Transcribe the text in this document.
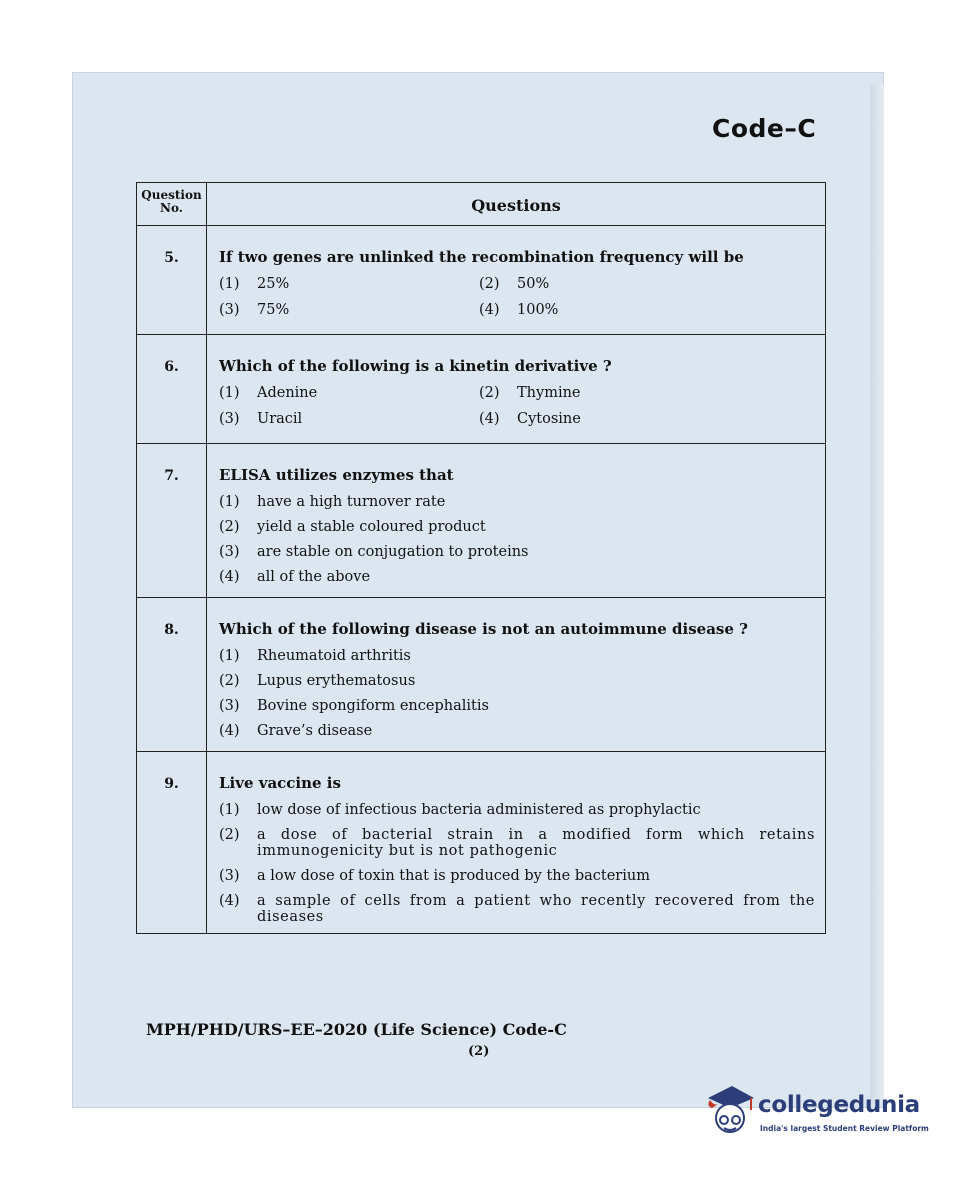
Code–C
Question
No.	Questions
5.	If two genes are unlinked the recombination frequency will be
(1)	25%	(2)	50%
(3)	75%	(4)	100%
6.	Which of the following is a kinetin derivative ?
(1)	Adenine	(2)	Thymine
(3)	Uracil	(4)	Cytosine
7.	ELISA utilizes enzymes that
(1)	have a high turnover rate
(2)	yield a stable coloured product
(3)	are stable on conjugation to proteins
(4)	all of the above
8.	Which of the following disease is not an autoimmune disease ?
(1)	Rheumatoid arthritis
(2)	Lupus erythematosus
(3)	Bovine spongiform encephalitis
(4)	Grave’s disease
9.	Live vaccine is
(1)	low dose of infectious bacteria administered as prophylactic
(2)	a dose of bacterial strain in a modified form which retains immunogenicity but is not pathogenic
(3)	a low dose of toxin that is produced by the bacterium
(4)	a sample of cells from a patient who recently recovered from the diseases
MPH/PHD/URS–EE–2020 (Life Science) Code-C
(2)
collegedunia
India's largest Student Review Platform
